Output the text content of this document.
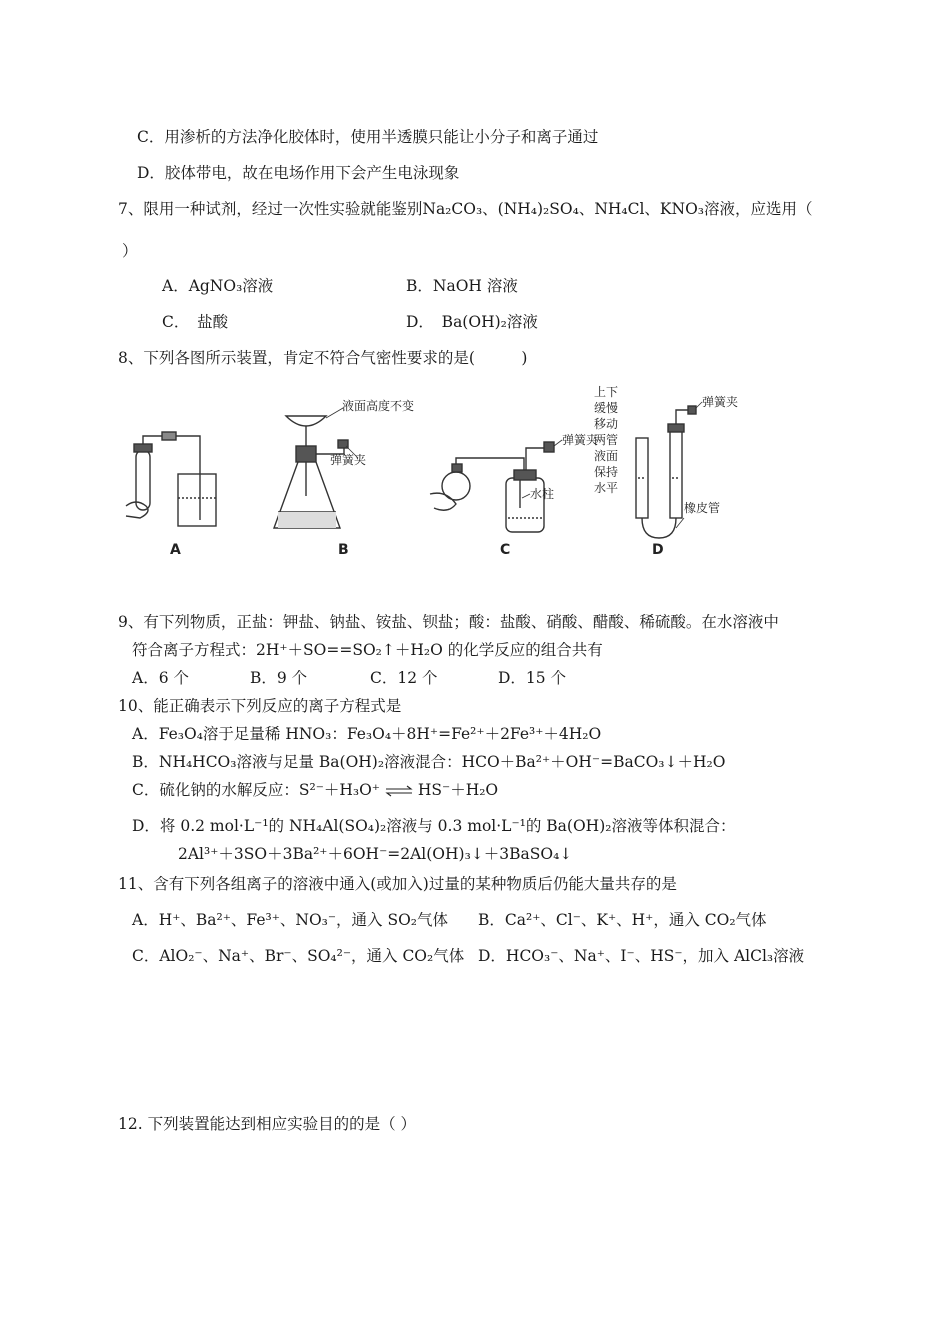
C．用渗析的方法净化胶体时，使用半透膜只能让小分子和离子通过
D．胶体带电，故在电场作用下会产生电泳现象
7、限用一种试剂，经过一次性实验就能鉴别Na₂CO₃、(NH₄)₂SO₄、NH₄Cl、KNO₃溶液，应选用（
）
A．AgNO₃溶液	B．NaOH 溶液
C．　盐酸	D．　Ba(OH)₂溶液
8、下列各图所示装置，肯定不符合气密性要求的是(　　　)
液面高度不变
弹簧夹
弹簧夹
水柱
弹簧夹
橡皮管
上下
缓慢
移动
两管
液面
保持
水平
A	B	C	D
9、有下列物质，正盐：钾盐、钠盐、铵盐、钡盐；酸：盐酸、硝酸、醋酸、稀硫酸。在水溶液中
符合离子方程式：2H⁺＋SO==SO₂↑＋H₂O 的化学反应的组合共有
A．6 个	B．9 个	C．12 个	D．15 个
10、能正确表示下列反应的离子方程式是
A．Fe₃O₄溶于足量稀 HNO₃：Fe₃O₄＋8H⁺=Fe²⁺＋2Fe³⁺＋4H₂O
B．NH₄HCO₃溶液与足量 Ba(OH)₂溶液混合：HCO＋Ba²⁺＋OH⁻=BaCO₃↓＋H₂O
C．硫化钠的水解反应：S²⁻＋H₃O⁺ ⇌ HS⁻＋H₂O
D．将 0.2 mol·L⁻¹的 NH₄Al(SO₄)₂溶液与 0.3 mol·L⁻¹的 Ba(OH)₂溶液等体积混合：
2Al³⁺＋3SO＋3Ba²⁺＋6OH⁻=2Al(OH)₃↓＋3BaSO₄↓
11、含有下列各组离子的溶液中通入(或加入)过量的某种物质后仍能大量共存的是
A．H⁺、Ba²⁺、Fe³⁺、NO₃⁻，通入 SO₂气体 B．Ca²⁺、Cl⁻、K⁺、H⁺，通入 CO₂气体
C．AlO₂⁻、Na⁺、Br⁻、SO₄²⁻，通入 CO₂气体 D．HCO₃⁻、Na⁺、I⁻、HS⁻，加入 AlCl₃溶液
12. 下列装置能达到相应实验目的的是（ ）
